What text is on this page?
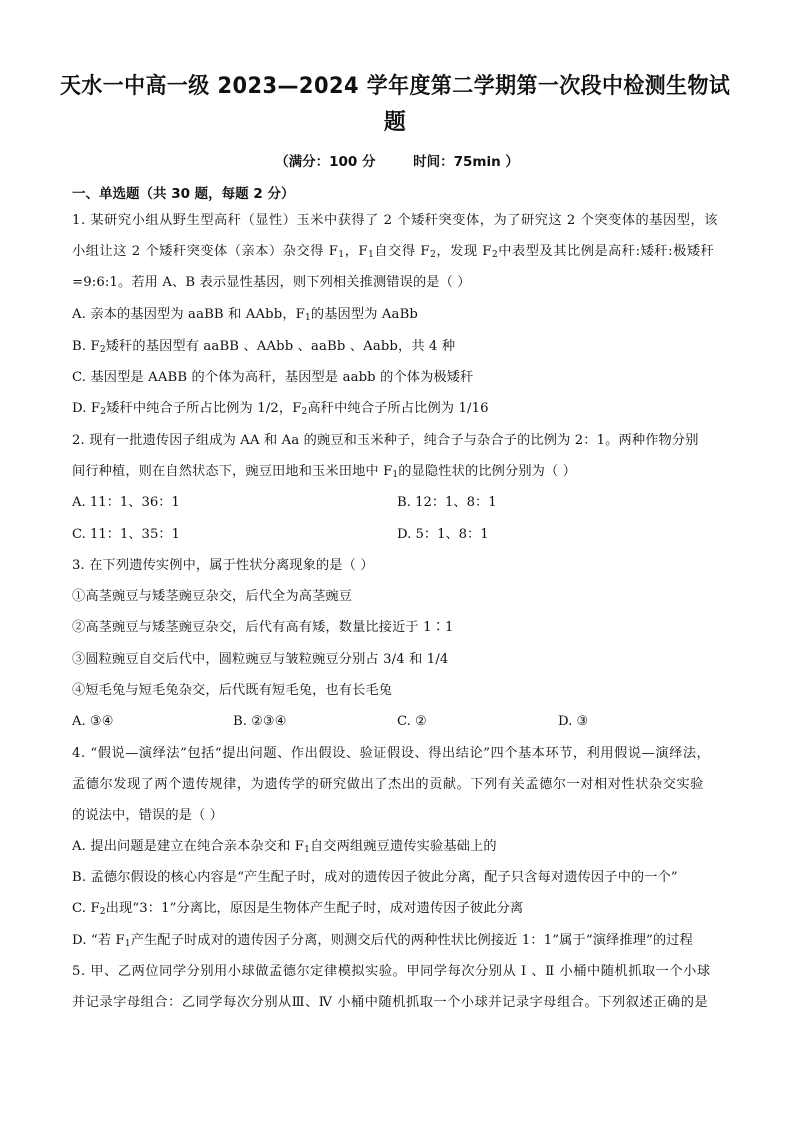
天水一中高一级 2023—2024 学年度第二学期第一次段中检测生物试
题
（满分：100 分        时间：75min ）
一、单选题（共 30 题，每题 2 分）
1. 某研究小组从野生型高秆（显性）玉米中获得了 2 个矮秆突变体，为了研究这 2 个突变体的基因型，该
小组让这 2 个矮秆突变体（亲本）杂交得 $F_1$，$F_1$自交得 $F_2$，发现 $F_2$中表型及其比例是高秆:矮秆:极矮秆
=9:6:1。若用 A、B 表示显性基因，则下列相关推测错误的是（ ）
A. 亲本的基因型为 aaBB 和 AAbb，$F_1$的基因型为 AaBb
B. $F_2$矮秆的基因型有 aaBB 、AAbb 、aaBb 、Aabb，共 4 种
C. 基因型是 AABB 的个体为高秆，基因型是 aabb 的个体为极矮秆
D. $F_2$矮秆中纯合子所占比例为 1/2，$F_2$高秆中纯合子所占比例为 1/16
2. 现有一批遗传因子组成为 AA 和 Aa 的豌豆和玉米种子，纯合子与杂合子的比例为 2：1。两种作物分别
间行种植，则在自然状态下，豌豆田地和玉米田地中 $F_1$的显隐性状的比例分别为（ ）
A. 11：1、36：1	B. 12：1、8：1
C. 11：1、35：1	D. 5：1、8：1
3. 在下列遗传实例中，属于性状分离现象的是（ ）
①高茎豌豆与矮茎豌豆杂交，后代全为高茎豌豆
②高茎豌豆与矮茎豌豆杂交，后代有高有矮，数量比接近于 1∶1
③圆粒豌豆自交后代中，圆粒豌豆与皱粒豌豆分别占 3/4 和 1/4
④短毛兔与短毛兔杂交，后代既有短毛兔，也有长毛兔
A. ③④	B. ②③④	C. ②	D. ③
4. “假说—演绎法”包括“提出问题、作出假设、验证假设、得出结论”四个基本环节，利用假说—演绎法，
孟德尔发现了两个遗传规律，为遗传学的研究做出了杰出的贡献。下列有关孟德尔一对相对性状杂交实验
的说法中，错误的是（ ）
A. 提出问题是建立在纯合亲本杂交和 $F_1$自交两组豌豆遗传实验基础上的
B. 孟德尔假设的核心内容是“产生配子时，成对的遗传因子彼此分离，配子只含每对遗传因子中的一个”
C. $F_2$出现“3：1”分离比，原因是生物体产生配子时，成对遗传因子彼此分离
D. “若 $F_1$产生配子时成对的遗传因子分离，则测交后代的两种性状比例接近 1：1”属于“演绎推理”的过程
5. 甲、乙两位同学分别用小球做孟德尔定律模拟实验。甲同学每次分别从 Ⅰ 、Ⅱ 小桶中随机抓取一个小球
并记录字母组合：乙同学每次分别从Ⅲ、Ⅳ 小桶中随机抓取一个小球并记录字母组合。下列叙述正确的是
